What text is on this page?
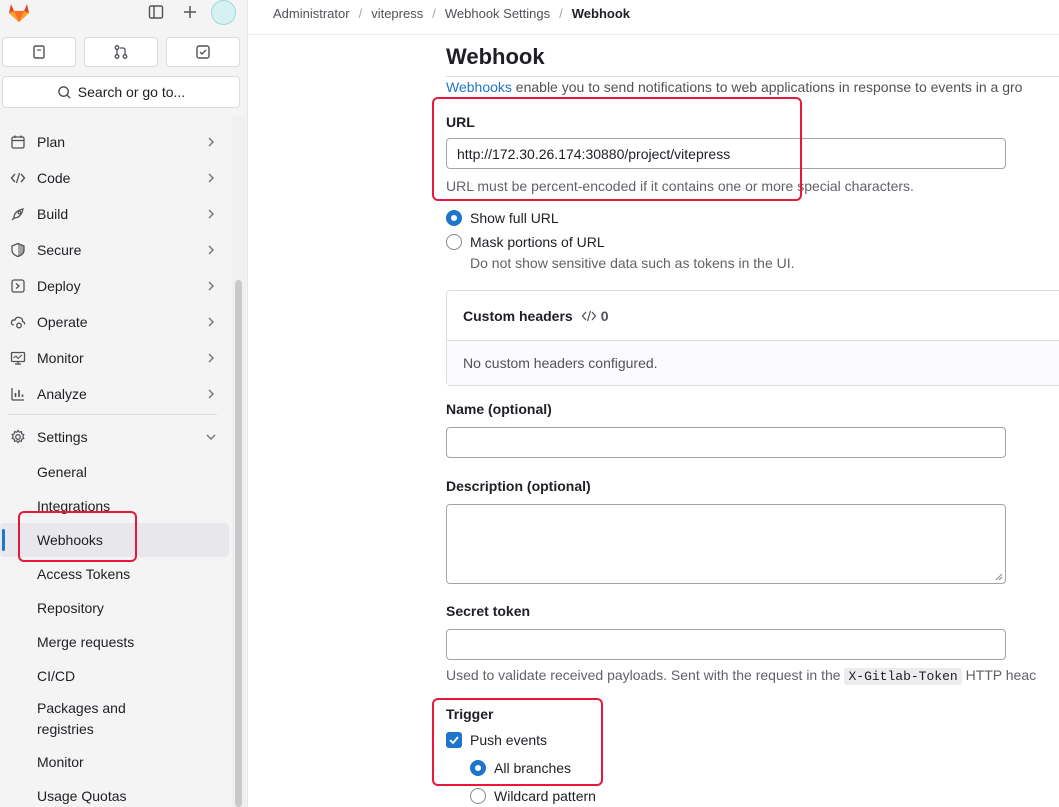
Search or go to...
Plan
Code
Build
Secure
Deploy
Operate
Monitor
Analyze
Settings
General
Integrations
Webhooks
Access Tokens
Repository
Merge requests
CI/CD
Packages and registries
Monitor
Usage Quotas
Administrator / vitepress / Webhook Settings / Webhook
Webhook
Webhooks enable you to send notifications to web applications in response to events in a gro
URL
http://172.30.26.174:30880/project/vitepress
URL must be percent-encoded if it contains one or more special characters.
Show full URL
Mask portions of URL
Do not show sensitive data such as tokens in the UI.
Custom headers 0
No custom headers configured.
Name (optional)
Description (optional)
Secret token
Used to validate received payloads. Sent with the request in the X-Gitlab-Token HTTP heac
Trigger
Push events
All branches
Wildcard pattern
